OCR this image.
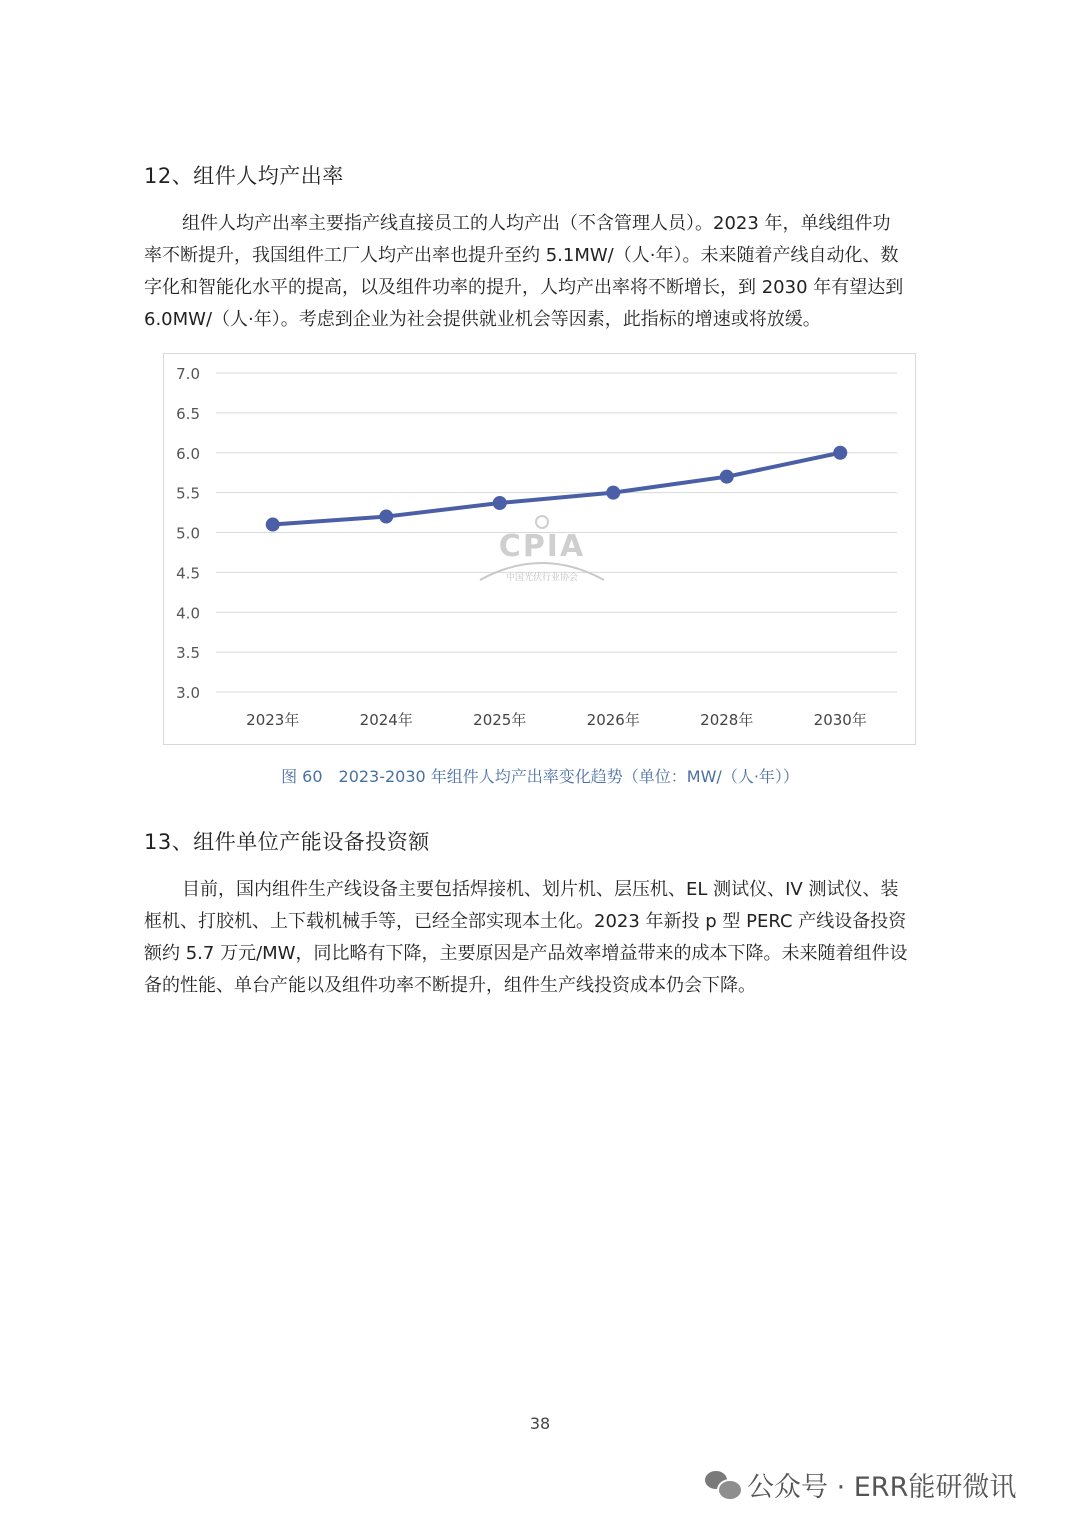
12、组件人均产出率
组件人均产出率主要指产线直接员工的人均产出（不含管理人员）。2023 年，单线组件功
率不断提升，我国组件工厂人均产出率也提升至约 5.1MW/（人·年）。未来随着产线自动化、数
字化和智能化水平的提高，以及组件功率的提升，人均产出率将不断增长，到 2030 年有望达到
6.0MW/（人·年）。考虑到企业为社会提供就业机会等因素，此指标的增速或将放缓。
3.0
3.5
4.0
4.5
5.0
5.5
6.0
6.5
7.0
CPIA
中国光伏行业协会
2023年	2024年	2025年	2026年	2028年	2030年
图 60　2023-2030 年组件人均产出率变化趋势（单位：MW/（人·年））
13、组件单位产能设备投资额
目前，国内组件生产线设备主要包括焊接机、划片机、层压机、EL 测试仪、IV 测试仪、装
框机、打胶机、上下载机械手等，已经全部实现本土化。2023 年新投 p 型 PERC 产线设备投资
额约 5.7 万元/MW，同比略有下降，主要原因是产品效率增益带来的成本下降。未来随着组件设
备的性能、单台产能以及组件功率不断提升，组件生产线投资成本仍会下降。
38
公众号 · ERR能研微讯
